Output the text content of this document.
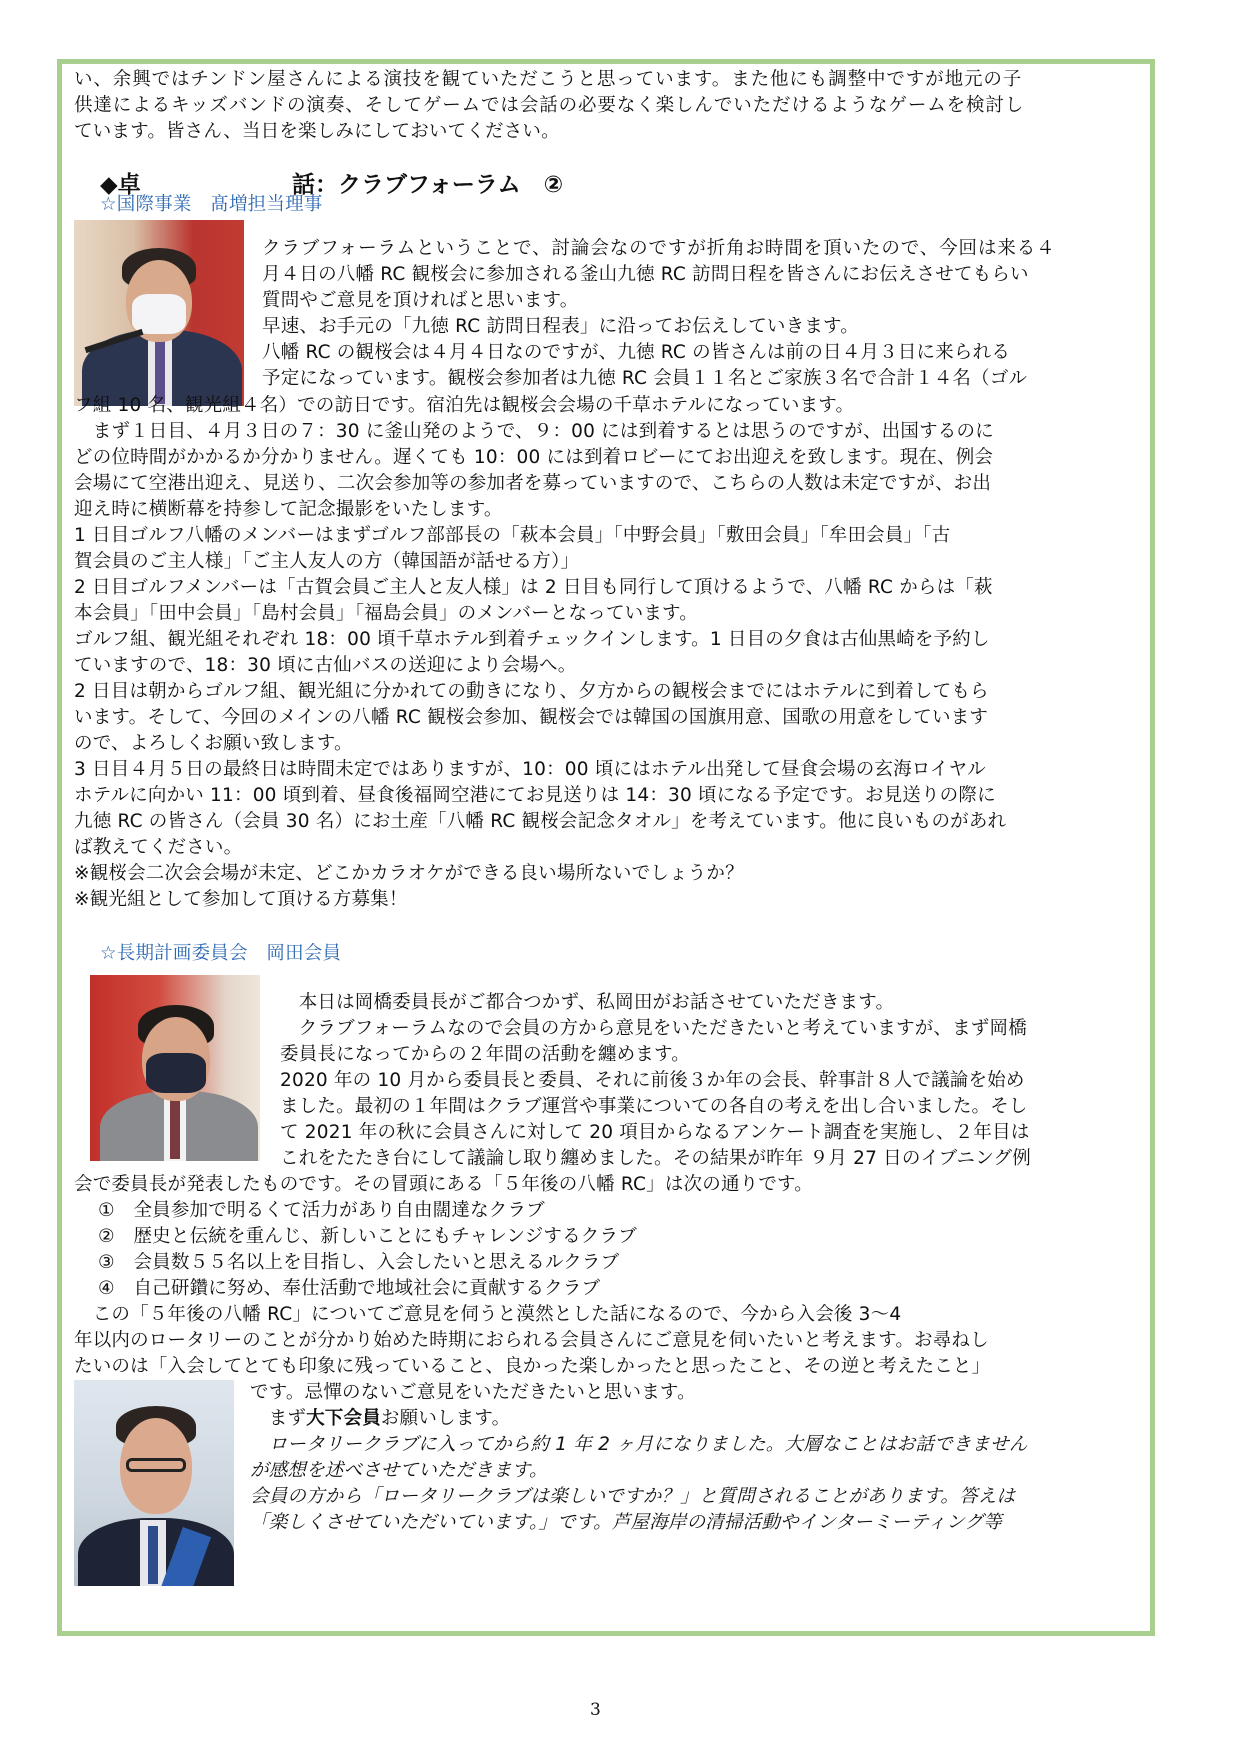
い、余興ではチンドン屋さんによる演技を観ていただこうと思っています。また他にも調整中ですが地元の子
供達によるキッズバンドの演奏、そしてゲームでは会話の必要なく楽しんでいただけるようなゲームを検討し
ています。皆さん、当日を楽しみにしておいてください。
◆卓	話：クラブフォーラム　②
☆国際事業　髙増担当理事
クラブフォーラムということで、討論会なのですが折角お時間を頂いたので、今回は来る４
月４日の八幡 RC 観桜会に参加される釜山九徳 RC 訪問日程を皆さんにお伝えさせてもらい
質問やご意見を頂ければと思います。
早速、お手元の「九徳 RC 訪問日程表」に沿ってお伝えしていきます。
八幡 RC の観桜会は４月４日なのですが、九徳 RC の皆さんは前の日４月３日に来られる
予定になっています。観桜会参加者は九徳 RC 会員１１名とご家族３名で合計１４名（ゴル
フ組 10 名、観光組４名）での訪日です。宿泊先は観桜会会場の千草ホテルになっています。
　まず１日目、４月３日の７：30 に釜山発のようで、９：00 には到着するとは思うのですが、出国するのに
どの位時間がかかるか分かりません。遅くても 10：00 には到着ロビーにてお出迎えを致します。現在、例会
会場にて空港出迎え、見送り、二次会参加等の参加者を募っていますので、こちらの人数は未定ですが、お出
迎え時に横断幕を持参して記念撮影をいたします。
1 日目ゴルフ八幡のメンバーはまずゴルフ部部長の「萩本会員」「中野会員」「敷田会員」「牟田会員」「古
賀会員のご主人様」「ご主人友人の方（韓国語が話せる方）」
2 日目ゴルフメンバーは「古賀会員ご主人と友人様」は 2 日目も同行して頂けるようで、八幡 RC からは「萩
本会員」「田中会員」「島村会員」「福島会員」のメンバーとなっています。
ゴルフ組、観光組それぞれ 18：00 頃千草ホテル到着チェックインします。1 日目の夕食は古仙黒崎を予約し
ていますので、18：30 頃に古仙バスの送迎により会場へ。
2 日目は朝からゴルフ組、観光組に分かれての動きになり、夕方からの観桜会までにはホテルに到着してもら
います。そして、今回のメインの八幡 RC 観桜会参加、観桜会では韓国の国旗用意、国歌の用意をしています
ので、よろしくお願い致します。
3 日目４月５日の最終日は時間未定ではありますが、10：00 頃にはホテル出発して昼食会場の玄海ロイヤル
ホテルに向かい 11：00 頃到着、昼食後福岡空港にてお見送りは 14：30 頃になる予定です。お見送りの際に
九徳 RC の皆さん（会員 30 名）にお土産「八幡 RC 観桜会記念タオル」を考えています。他に良いものがあれ
ば教えてください。
※観桜会二次会会場が未定、どこかカラオケができる良い場所ないでしょうか？
※観光組として参加して頂ける方募集！
☆長期計画委員会　岡田会員
　本日は岡橋委員長がご都合つかず、私岡田がお話させていただきます。
　クラブフォーラムなので会員の方から意見をいただきたいと考えていますが、まず岡橋
委員長になってからの２年間の活動を纏めます。
2020 年の 10 月から委員長と委員、それに前後３か年の会長、幹事計８人で議論を始め
ました。最初の１年間はクラブ運営や事業についての各自の考えを出し合いました。そし
て 2021 年の秋に会員さんに対して 20 項目からなるアンケート調査を実施し、２年目は
これをたたき台にして議論し取り纏めました。その結果が昨年 ９月 27 日のイブニング例
会で委員長が発表したものです。その冒頭にある「５年後の八幡 RC」は次の通りです。
①　全員参加で明るくて活力があり自由闊達なクラブ
②　歴史と伝統を重んじ、新しいことにもチャレンジするクラブ
③　会員数５５名以上を目指し、入会したいと思えるルクラブ
④　自己研鑽に努め、奉仕活動で地域社会に貢献するクラブ
　この「５年後の八幡 RC」についてご意見を伺うと漠然とした話になるので、今から入会後 3～4
年以内のロータリーのことが分かり始めた時期におられる会員さんにご意見を伺いたいと考えます。お尋ねし
たいのは「入会してとても印象に残っていること、良かった楽しかったと思ったこと、その逆と考えたこと」
です。忌憚のないご意見をいただきたいと思います。
　まず大下会員お願いします。
　ロータリークラブに入ってから約 1 年 2 ヶ月になりました。大層なことはお話できません
が感想を述べさせていただきます。
会員の方から「ロータリークラブは楽しいですか？」と質問されることがあります。答えは
「楽しくさせていただいています。」です。芦屋海岸の清掃活動やインターミーティング等
3
